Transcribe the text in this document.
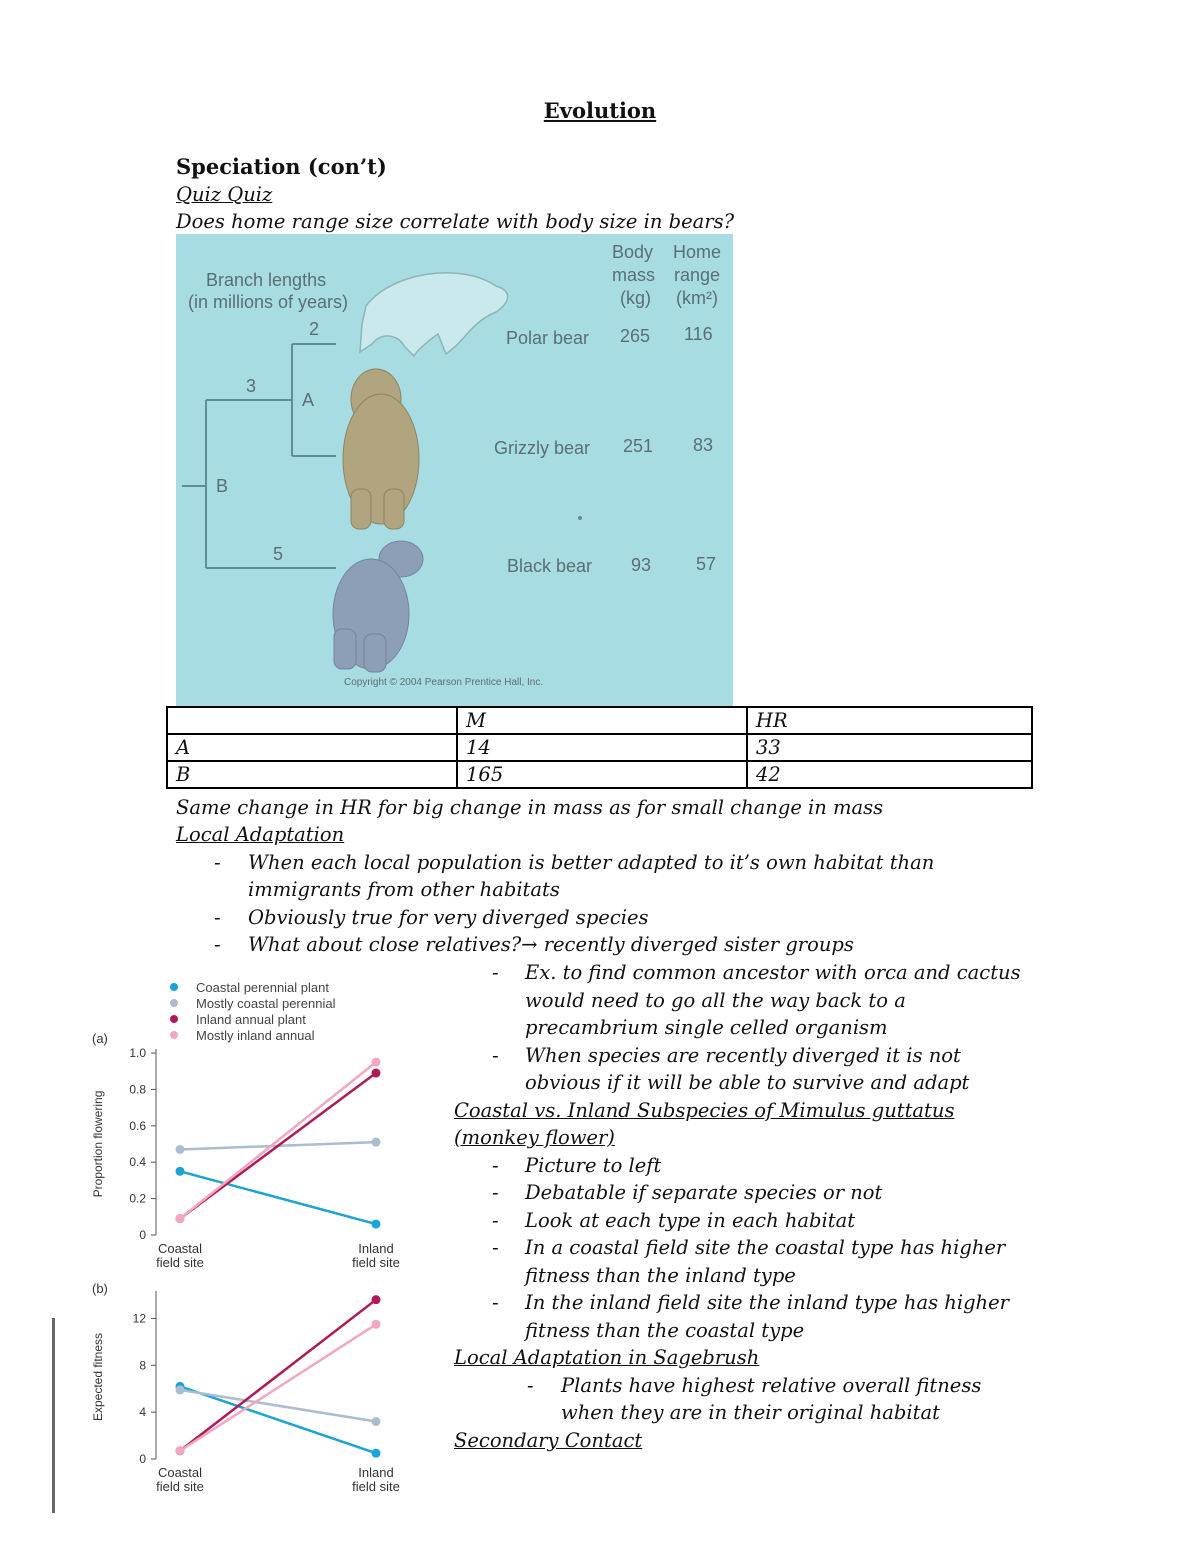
Evolution
Speciation (con’t)
Quiz Quiz
Does home range size correlate with body size in bears?
Branch lengths
(in millions of years)
2
3
A
B
5
Body
mass
(kg)
Home
range
(km²)
Polar bear 265 116
Grizzly bear 251 83
Black bear 93 57
Copyright © 2004 Pearson Prentice Hall, Inc.
	M	HR
A	14	33
B	165	42
Same change in HR for big change in mass as for small change in mass
Local Adaptation
- When each local population is better adapted to it’s own habitat than
immigrants from other habitats
- Obviously true for very diverged species
- What about close relatives?→ recently diverged sister groups
- Ex. to find common ancestor with orca and cactus
would need to go all the way back to a
precambrium single celled organism
- When species are recently diverged it is not
obvious if it will be able to survive and adapt
Coastal vs. Inland Subspecies of Mimulus guttatus
(monkey flower)
- Picture to left
- Debatable if separate species or not
- Look at each type in each habitat
- In a coastal field site the coastal type has higher
fitness than the inland type
- In the inland field site the inland type has higher
fitness than the coastal type
Local Adaptation in Sagebrush
- Plants have highest relative overall fitness
when they are in their original habitat
Secondary Contact
Coastal perennial plant
Mostly coastal perennial
Inland annual plant
Mostly inland annual
(a)
0
0.2
0.4
0.6
0.8
1.0
Proportion flowering
Coastal
field site
Inland
field site
(b)
0
4
8
12
Expected fitness
Coastal
field site
Inland
field site
